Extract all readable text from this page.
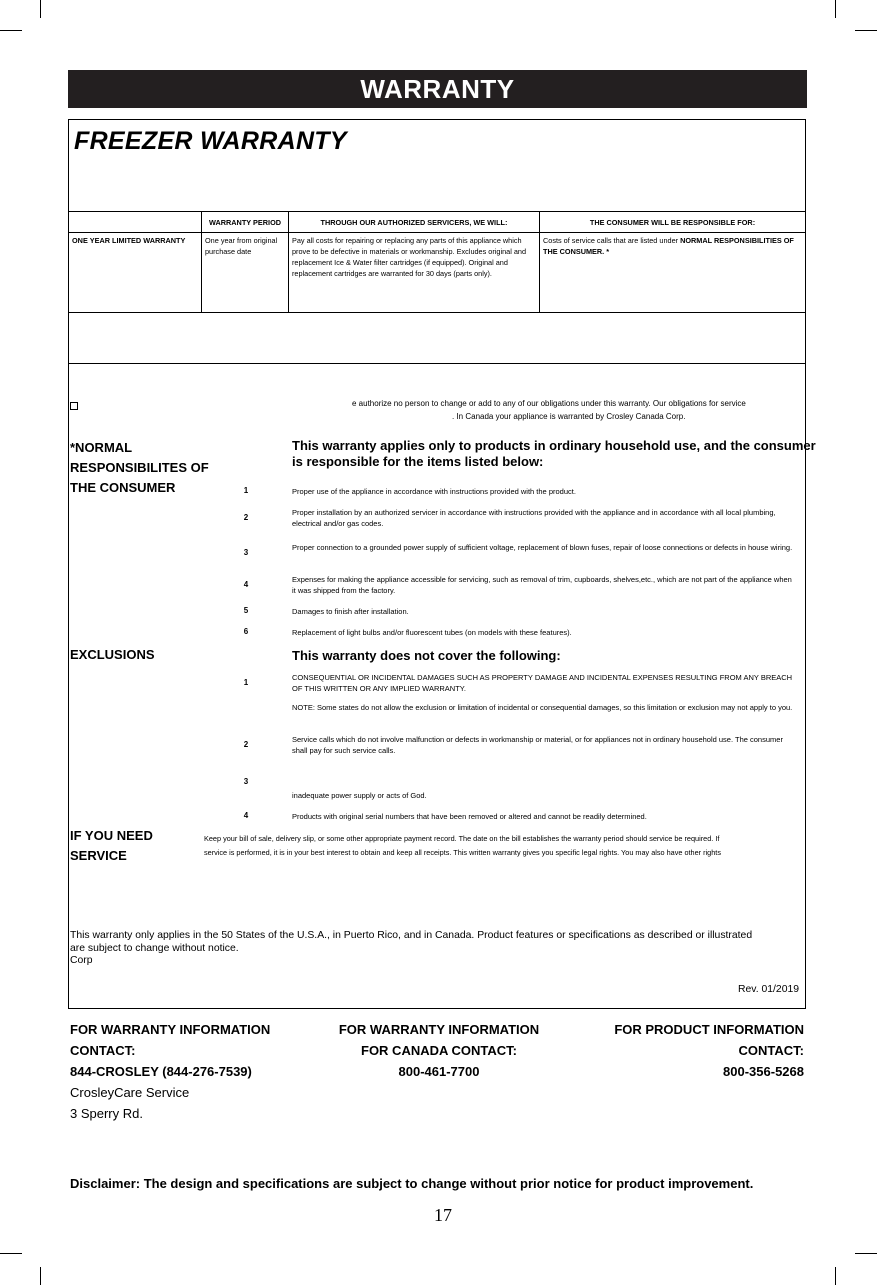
WARRANTY
FREEZER WARRANTY
	WARRANTY PERIOD	THROUGH OUR AUTHORIZED SERVICERS, WE WILL:	THE CONSUMER WILL BE RESPONSIBLE FOR:
ONE YEAR LIMITED WARRANTY	One year from original purchase date	Pay all costs for repairing or replacing any parts of this appliance which prove to be defective in materials or workmanship. Excludes original and replacement Ice & Water filter cartridges (if equipped). Original and replacement cartridges are warranted for 30 days (parts only).	Costs of service calls that are listed under NORMAL RESPONSIBILITIES OF THE CONSUMER. *
e authorize no person to change or add to any of our obligations under this warranty. Our obligations for service
. In Canada your appliance is warranted by Crosley Canada Corp.
*NORMAL
RESPONSIBILITES OF
THE CONSUMER
This warranty applies only to products in ordinary household use, and the consumer
is responsible for the items listed below:
1	Proper use of the appliance in accordance with instructions provided with the product.
2
Proper installation by an authorized servicer in accordance with instructions provided with the appliance and in accordance with all local plumbing, electrical and/or gas codes.
3
Proper connection to a grounded power supply of sufficient voltage, replacement of blown fuses, repair of loose connections or defects in house wiring.
4
Expenses for making the appliance accessible for servicing, such as removal of trim, cupboards, shelves,etc., which are not part of the appliance when it was shipped from the factory.
5	Damages to finish after installation.
6	Replacement of light bulbs and/or fluorescent tubes (on models with these features).
EXCLUSIONS	This warranty does not cover the following:
1
CONSEQUENTIAL OR INCIDENTAL DAMAGES SUCH AS PROPERTY DAMAGE AND INCIDENTAL EXPENSES RESULTING FROM ANY BREACH OF THIS WRITTEN OR ANY IMPLIED WARRANTY.
NOTE: Some states do not allow the exclusion or limitation of incidental or consequential damages, so this limitation or exclusion may not apply to you.
2
Service calls which do not involve malfunction or defects in workmanship or material, or for appliances not in ordinary household use. The consumer shall pay for such service calls.
3
inadequate power supply or acts of God.
4	Products with original serial numbers that have been removed or altered and cannot be readily determined.
IF YOU NEED
SERVICE
Keep your bill of sale, delivery slip, or some other appropriate payment record. The date on the bill establishes the warranty period should service be required. If
service is performed, it is in your best interest to obtain and keep all receipts. This written warranty gives you specific legal rights. You may also have other rights
This warranty only applies in the 50 States of the U.S.A., in Puerto Rico, and in Canada. Product features or specifications as described or illustrated
are subject to change without notice.
Corp
Rev. 01/2019
FOR WARRANTY INFORMATION
CONTACT:
844-CROSLEY (844-276-7539)
CrosleyCare Service
3 Sperry Rd.
FOR WARRANTY INFORMATION
FOR CANADA CONTACT:
800-461-7700
FOR PRODUCT INFORMATION
CONTACT:
800-356-5268
Disclaimer: The design and specifications are subject to change without prior notice for product improvement.
17
